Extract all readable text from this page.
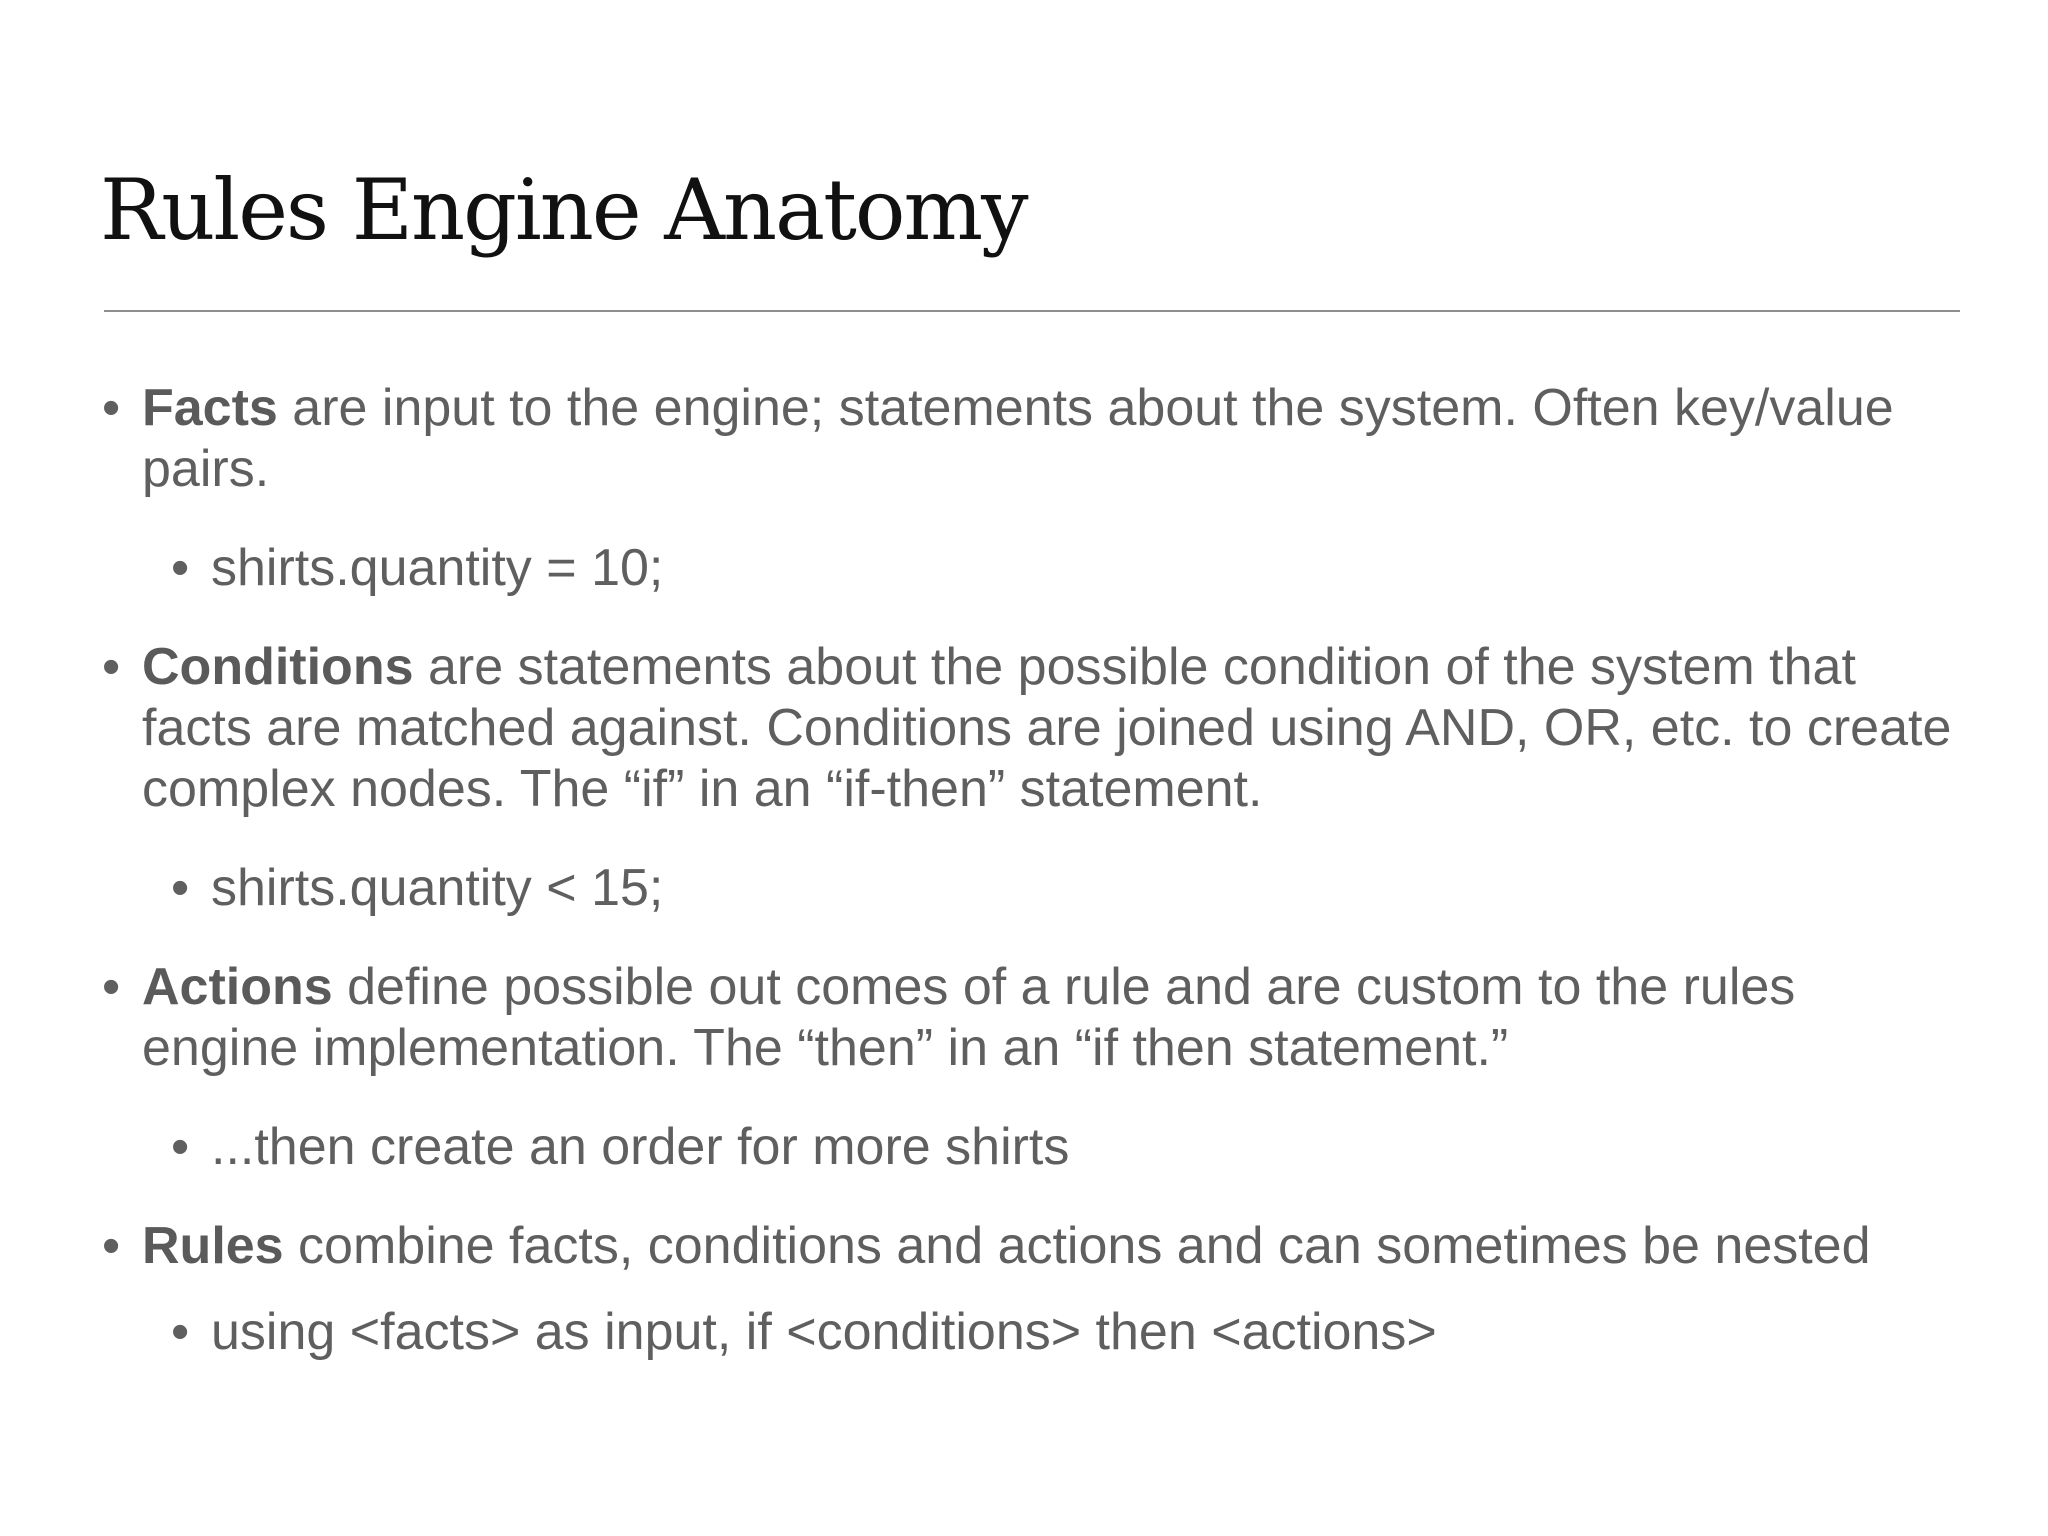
Rules Engine Anatomy
• Facts are input to the engine; statements about the system. Often key/value pairs.
• shirts.quantity = 10;
• Conditions are statements about the possible condition of the system that facts are matched against. Conditions are joined using AND, OR, etc. to create complex nodes. The “if” in an “if-then” statement.
• shirts.quantity < 15;
• Actions define possible out comes of a rule and are custom to the rules engine implementation. The “then” in an “if then statement.”
• ...then create an order for more shirts
• Rules combine facts, conditions and actions and can sometimes be nested
• using <facts> as input, if <conditions> then <actions>
